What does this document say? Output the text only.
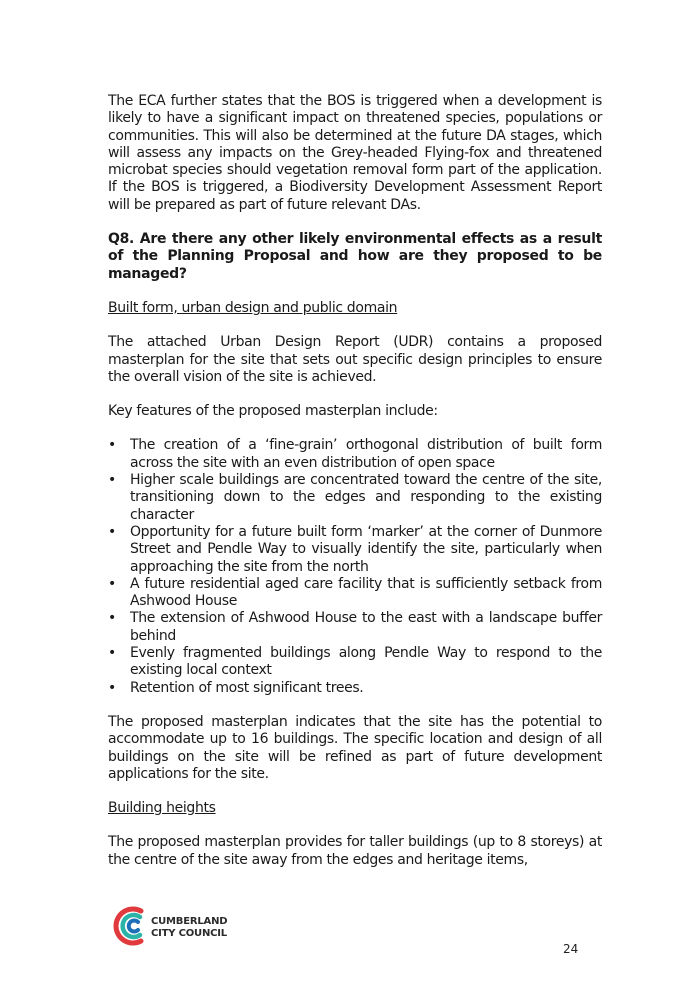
The ECA further states that the BOS is triggered when a development is likely to have a significant impact on threatened species, populations or communities. This will also be determined at the future DA stages, which will assess any impacts on the Grey-headed Flying-fox and threatened microbat species should vegetation removal form part of the application. If the BOS is triggered, a Biodiversity Development Assessment Report will be prepared as part of future relevant DAs.

Q8. Are there any other likely environmental effects as a result of the Planning Proposal and how are they proposed to be managed?

Built form, urban design and public domain

The attached Urban Design Report (UDR) contains a proposed masterplan for the site that sets out specific design principles to ensure the overall vision of the site is achieved.

Key features of the proposed masterplan include:

• The creation of a ‘fine-grain’ orthogonal distribution of built form across the site with an even distribution of open space
• Higher scale buildings are concentrated toward the centre of the site, transitioning down to the edges and responding to the existing character
• Opportunity for a future built form ‘marker’ at the corner of Dunmore Street and Pendle Way to visually identify the site, particularly when approaching the site from the north
• A future residential aged care facility that is sufficiently setback from Ashwood House
• The extension of Ashwood House to the east with a landscape buffer behind
• Evenly fragmented buildings along Pendle Way to respond to the existing local context
• Retention of most significant trees.

The proposed masterplan indicates that the site has the potential to accommodate up to 16 buildings. The specific location and design of all buildings on the site will be refined as part of future development applications for the site.

Building heights

The proposed masterplan provides for taller buildings (up to 8 storeys) at the centre of the site away from the edges and heritage items,

CUMBERLAND
CITY COUNCIL
24
